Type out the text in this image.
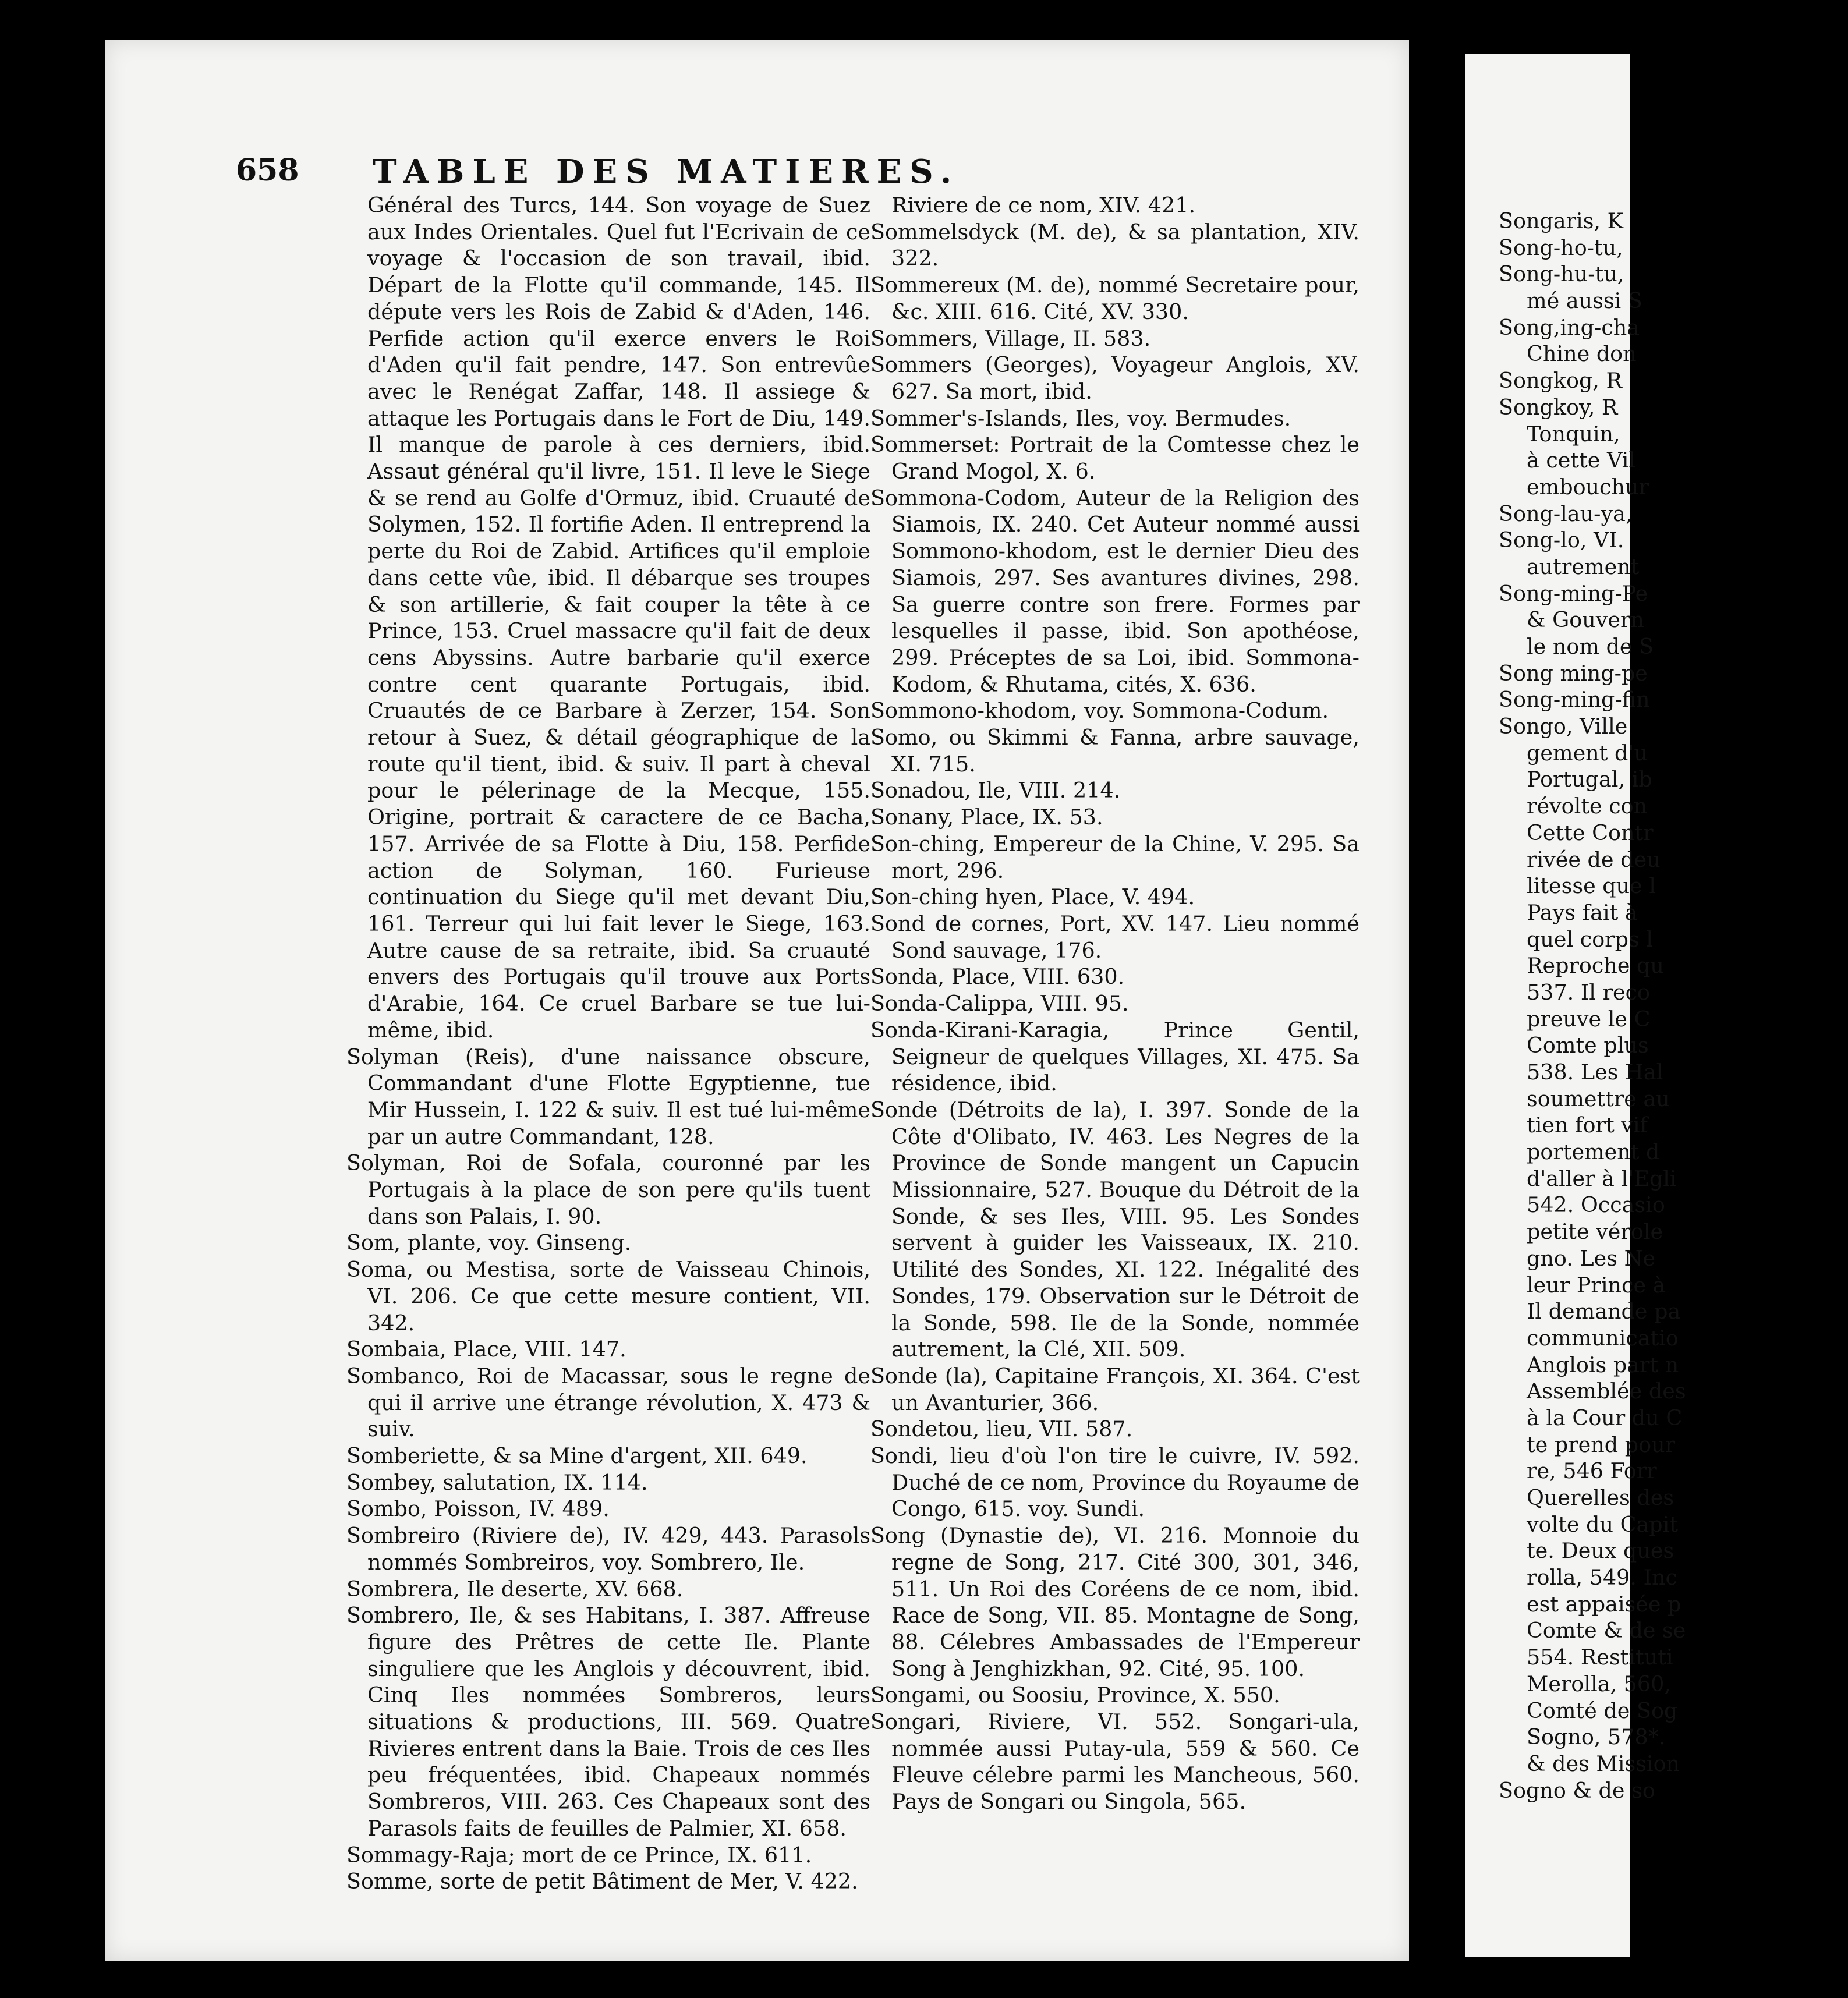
Songaris, K
Song-ho-tu,
Song-hu-tu,
mé aussi S
Song,ing-cha
Chine don
Songkog, R
Songkoy, R
Tonquin,
à cette Vil
embouchur
Song-lau-ya,
Song-lo, VI.
autrement
Song-ming-Pe
& Gouvern
le nom de S
Song ming-pe
Song-ming-fin
Songo, Ville
gement d'u
Portugal, ib
révolte con
Cette Contr
rivée de deu
litesse que l
Pays fait à
quel corps l
Reproche qu
537. Il reco
preuve le C
Comte plus
538. Les Hal
soumettre au
tien fort vif
portement d
d'aller à l'Egli
542. Occasio
petite vérole
gno. Les Ne
leur Prince à
Il demande pa
communicatio
Anglois part n
Assemblée des
à la Cour du C
te prend pour
re, 546 Forr
Querelles des
volte du Capit
te. Deux ques
rolla, 549. Inc
est appaisée p
Comte & de se
554. Restituti
Merolla, 560,
Comté de Sog
Sogno, 578*.
& des Mission
Sogno & de so
658 TABLE DES MATIERES.

Général des Turcs, 144. Son voyage de Suez aux Indes Orientales. Quel fut l'Ecrivain de ce voyage & l'occasion de son travail, ibid. Départ de la Flotte qu'il commande, 145. Il députe vers les Rois de Zabid & d'Aden, 146. Perfide action qu'il exerce envers le Roi d'Aden qu'il fait pendre, 147. Son entrevûe avec le Renégat Zaffar, 148. Il assiege & attaque les Portugais dans le Fort de Diu, 149. Il manque de parole à ces derniers, ibid. Assaut général qu'il livre, 151. Il leve le Siege & se rend au Golfe d'Ormuz, ibid. Cruauté de Solymen, 152. Il fortifie Aden. Il entreprend la perte du Roi de Zabid. Artifices qu'il emploie dans cette vûe, ibid. Il débarque ses troupes & son artillerie, & fait couper la tête à ce Prince, 153. Cruel massacre qu'il fait de deux cens Abyssins. Autre barbarie qu'il exerce contre cent quarante Portugais, ibid. Cruautés de ce Barbare à Zerzer, 154. Son retour à Suez, & détail géographique de la route qu'il tient, ibid. & suiv. Il part à cheval pour le pélerinage de la Mecque, 155. Origine, portrait & caractere de ce Bacha, 157. Arrivée de sa Flotte à Diu, 158. Perfide action de Solyman, 160. Furieuse continuation du Siege qu'il met devant Diu, 161. Terreur qui lui fait lever le Siege, 163. Autre cause de sa retraite, ibid. Sa cruauté envers des Portugais qu'il trouve aux Ports d'Arabie, 164. Ce cruel Barbare se tue lui-même, ibid.

Solyman (Reis), d'une naissance obscure, Commandant d'une Flotte Egyptienne, tue Mir Hussein, I. 122 & suiv. Il est tué lui-même par un autre Commandant, 128.

Solyman, Roi de Sofala, couronné par les Portugais à la place de son pere qu'ils tuent dans son Palais, I. 90.

Som, plante, voy. Ginseng.

Soma, ou Mestisa, sorte de Vaisseau Chinois, VI. 206. Ce que cette mesure contient, VII. 342.

Sombaia, Place, VIII. 147.

Sombanco, Roi de Macassar, sous le regne de qui il arrive une étrange révolution, X. 473 & suiv.

Somberiette, & sa Mine d'argent, XII. 649.

Sombey, salutation, IX. 114.

Sombo, Poisson, IV. 489.

Sombreiro (Riviere de), IV. 429, 443. Parasols nommés Sombreiros, voy. Sombrero, Ile.

Sombrera, Ile deserte, XV. 668.

Sombrero, Ile, & ses Habitans, I. 387. Affreuse figure des Prêtres de cette Ile. Plante singuliere que les Anglois y découvrent, ibid. Cinq Iles nommées Sombreros, leurs situations & productions, III. 569. Quatre Rivieres entrent dans la Baie. Trois de ces Iles peu fréquentées, ibid. Chapeaux nommés Sombreros, VIII. 263. Ces Chapeaux sont des Parasols faits de feuilles de Palmier, XI. 658.

Sommagy-Raja; mort de ce Prince, IX. 611.

Somme, sorte de petit Bâtiment de Mer, V. 422.

Riviere de ce nom, XIV. 421.

Sommelsdyck (M. de), & sa plantation, XIV. 322.

Sommereux (M. de), nommé Secretaire pour, &c. XIII. 616. Cité, XV. 330.

Sommers, Village, II. 583.

Sommers (Georges), Voyageur Anglois, XV. 627. Sa mort, ibid.

Sommer's-Islands, Iles, voy. Bermudes.

Sommerset: Portrait de la Comtesse chez le Grand Mogol, X. 6.

Sommona-Codom, Auteur de la Religion des Siamois, IX. 240. Cet Auteur nommé aussi Sommono-khodom, est le dernier Dieu des Siamois, 297. Ses avantures divines, 298. Sa guerre contre son frere. Formes par lesquelles il passe, ibid. Son apothéose, 299. Préceptes de sa Loi, ibid. Sommona-Kodom, & Rhutama, cités, X. 636.

Sommono-khodom, voy. Sommona-Codum.

Somo, ou Skimmi & Fanna, arbre sauvage, XI. 715.

Sonadou, Ile, VIII. 214.

Sonany, Place, IX. 53.

Son-ching, Empereur de la Chine, V. 295. Sa mort, 296.

Son-ching hyen, Place, V. 494.

Sond de cornes, Port, XV. 147. Lieu nommé Sond sauvage, 176.

Sonda, Place, VIII. 630.

Sonda-Calippa, VIII. 95.

Sonda-Kirani-Karagia, Prince Gentil, Seigneur de quelques Villages, XI. 475. Sa résidence, ibid.

Sonde (Détroits de la), I. 397. Sonde de la Côte d'Olibato, IV. 463. Les Negres de la Province de Sonde mangent un Capucin Missionnaire, 527. Bouque du Détroit de la Sonde, & ses Iles, VIII. 95. Les Sondes servent à guider les Vaisseaux, IX. 210. Utilité des Sondes, XI. 122. Inégalité des Sondes, 179. Observation sur le Détroit de la Sonde, 598. Ile de la Sonde, nommée autrement, la Clé, XII. 509.

Sonde (la), Capitaine François, XI. 364. C'est un Avanturier, 366.

Sondetou, lieu, VII. 587.

Sondi, lieu d'où l'on tire le cuivre, IV. 592. Duché de ce nom, Province du Royaume de Congo, 615. voy. Sundi.

Song (Dynastie de), VI. 216. Monnoie du regne de Song, 217. Cité 300, 301, 346, 511. Un Roi des Coréens de ce nom, ibid. Race de Song, VII. 85. Montagne de Song, 88. Célebres Ambassades de l'Empereur Song à Jenghizkhan, 92. Cité, 95. 100.

Songami, ou Soosiu, Province, X. 550.

Songari, Riviere, VI. 552. Songari-ula, nommée aussi Putay-ula, 559 & 560. Ce Fleuve célebre parmi les Mancheous, 560. Pays de Songari ou Singola, 565.
